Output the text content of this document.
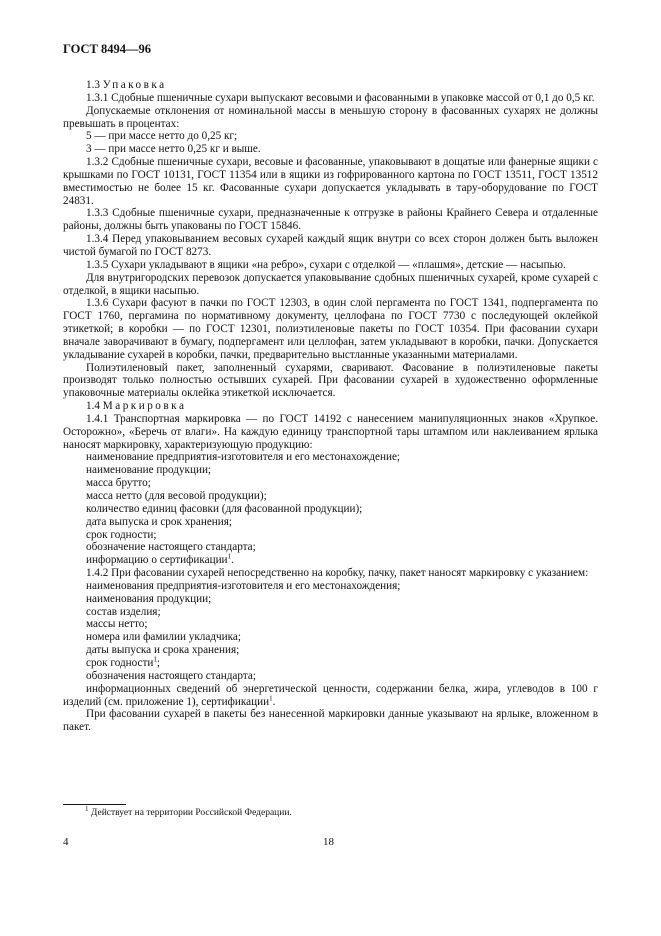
ГОСТ 8494—96

1.3 Упаковка

1.3.1 Сдобные пшеничные сухари выпускают весовыми и фасованными в упаковке массой от 0,1 до 0,5 кг.

Допускаемые отклонения от номинальной массы в меньшую сторону в фасованных сухарях не должны превышать в процентах:

5 — при массе нетто до 0,25 кг;

3 — при массе нетто 0,25 кг и выше.

1.3.2 Сдобные пшеничные сухари, весовые и фасованные, упаковывают в дощатые или фанерные ящики с крышками по ГОСТ 10131, ГОСТ 11354 или в ящики из гофрированного картона по ГОСТ 13511, ГОСТ 13512 вместимостью не более 15 кг. Фасованные сухари допускается укладывать в тару-оборудование по ГОСТ 24831.

1.3.3 Сдобные пшеничные сухари, предназначенные к отгрузке в районы Крайнего Севера и отдаленные районы, должны быть упакованы по ГОСТ 15846.

1.3.4 Перед упаковыванием весовых сухарей каждый ящик внутри со всех сторон должен быть выложен чистой бумагой по ГОСТ 8273.

1.3.5 Сухари укладывают в ящики «на ребро», сухари с отделкой — «плашмя», детские — насыпью.

Для внутригородских перевозок допускается упаковывание сдобных пшеничных сухарей, кроме сухарей с отделкой, в ящики насыпью.

1.3.6 Сухари фасуют в пачки по ГОСТ 12303, в один слой пергамента по ГОСТ 1341, подпергамента по ГОСТ 1760, пергамина по нормативному документу, целлофана по ГОСТ 7730 с последующей оклейкой этикеткой; в коробки — по ГОСТ 12301, полиэтиленовые пакеты по ГОСТ 10354. При фасовании сухари вначале заворачивают в бумагу, подпергамент или целлофан, затем укладывают в коробки, пачки. Допускается укладывание сухарей в коробки, пачки, предварительно выстланные указанными материалами.

Полиэтиленовый пакет, заполненный сухарями, сваривают. Фасование в полиэтиленовые пакеты производят только полностью остывших сухарей. При фасовании сухарей в художественно оформленные упаковочные материалы оклейка этикеткой исключается.

1.4 Маркировка

1.4.1 Транспортная маркировка — по ГОСТ 14192 с нанесением манипуляционных знаков «Хрупкое. Осторожно», «Беречь от влаги». На каждую единицу транспортной тары штампом или наклеиванием ярлыка наносят маркировку, характеризующую продукцию:

наименование предприятия-изготовителя и его местонахождение;
наименование продукции;
масса брутто;
масса нетто (для весовой продукции);
количество единиц фасовки (для фасованной продукции);
дата выпуска и срок хранения;
срок годности;
обозначение настоящего стандарта;
информацию о сертификации$^1$.

1.4.2 При фасовании сухарей непосредственно на коробку, пачку, пакет наносят маркировку с указанием:

наименования предприятия-изготовителя и его местонахождения;
наименования продукции;
состав изделия;
массы нетто;
номера или фамилии укладчика;
даты выпуска и срока хранения;
срок годности$^1$;
обозначения настоящего стандарта;

информационных сведений об энергетической ценности, содержании белка, жира, углеводов в 100 г изделий (см. приложение 1), сертификации$^1$.

При фасовании сухарей в пакеты без нанесенной маркировки данные указывают на ярлыке, вложенном в пакет.

$^1$ Действует на территории Российской Федерации.
4	18
